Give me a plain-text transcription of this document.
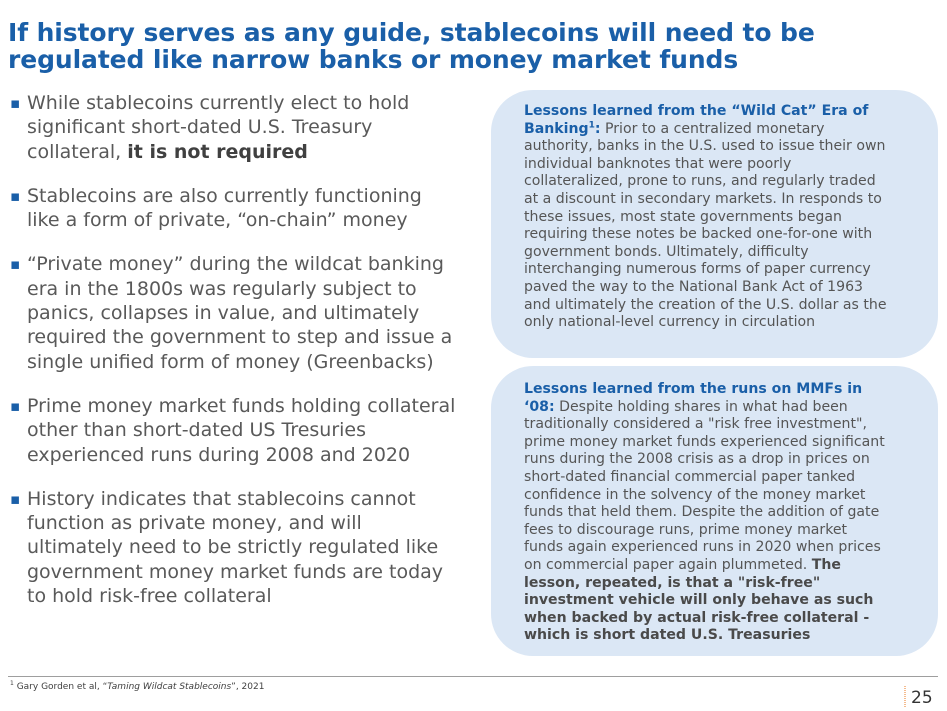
If history serves as any guide, stablecoins will need to be
regulated like narrow banks or money market funds
▪ While stablecoins currently elect to hold
significant short-dated U.S. Treasury
collateral, it is not required
▪ Stablecoins are also currently functioning
like a form of private, “on-chain” money
▪ “Private money” during the wildcat banking
era in the 1800s was regularly subject to
panics, collapses in value, and ultimately
required the government to step and issue a
single unified form of money (Greenbacks)
▪ Prime money market funds holding collateral
other than short-dated US Tresuries
experienced runs during 2008 and 2020
▪ History indicates that stablecoins cannot
function as private money, and will
ultimately need to be strictly regulated like
government money market funds are today
to hold risk-free collateral
Lessons learned from the “Wild Cat” Era of
Banking$^1$: Prior to a centralized monetary
authority, banks in the U.S. used to issue their own
individual banknotes that were poorly
collateralized, prone to runs, and regularly traded
at a discount in secondary markets. In responds to
these issues, most state governments began
requiring these notes be backed one-for-one with
government bonds. Ultimately, difficulty
interchanging numerous forms of paper currency
paved the way to the National Bank Act of 1963
and ultimately the creation of the U.S. dollar as the
only national-level currency in circulation
Lessons learned from the runs on MMFs in
‘08: Despite holding shares in what had been
traditionally considered a "risk free investment",
prime money market funds experienced significant
runs during the 2008 crisis as a drop in prices on
short-dated financial commercial paper tanked
confidence in the solvency of the money market
funds that held them. Despite the addition of gate
fees to discourage runs, prime money market
funds again experienced runs in 2020 when prices
on commercial paper again plummeted. The
lesson, repeated, is that a "risk-free"
investment vehicle will only behave as such
when backed by actual risk-free collateral -
which is short dated U.S. Treasuries
$^1$ Gary Gorden et al, “Taming Wildcat Stablecoins”, 2021
25
